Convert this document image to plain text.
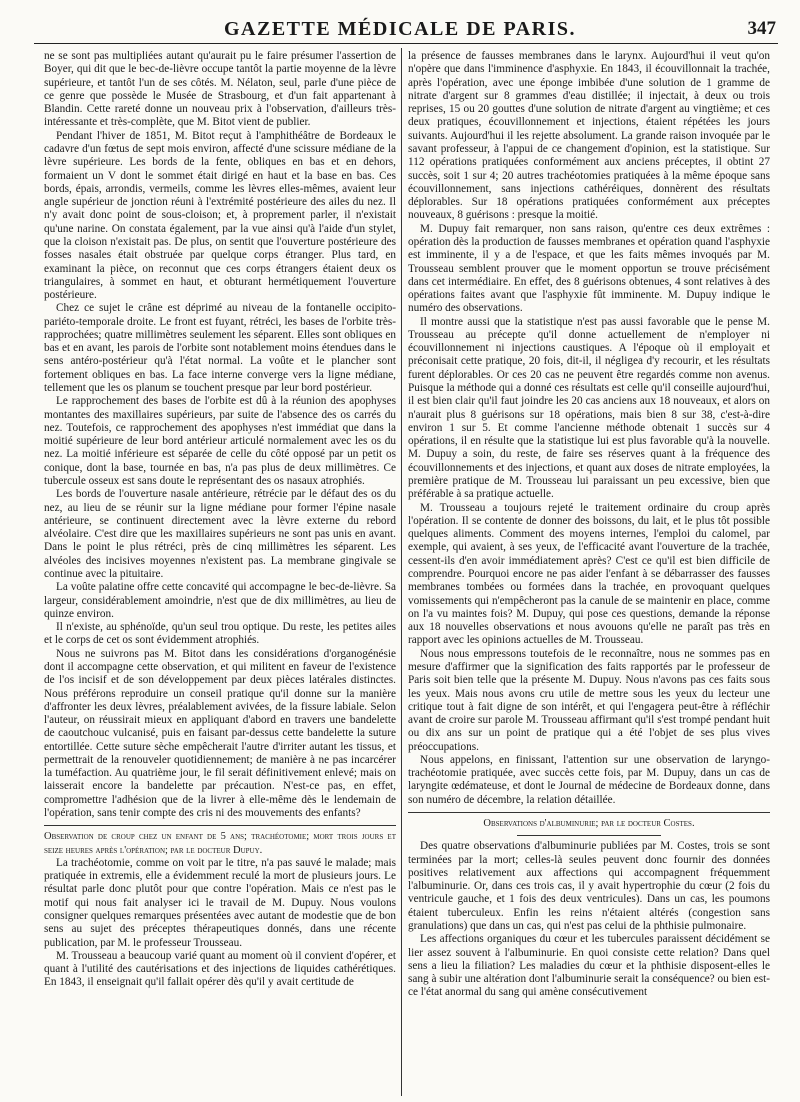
GAZETTE MÉDICALE DE PARIS.	347

ne se sont pas multipliées autant qu'aurait pu le faire présumer l'assertion de Boyer, qui dit que le bec-de-lièvre occupe tantôt la partie moyenne de la lèvre supérieure, et tantôt l'un de ses côtés. M. Nélaton, seul, parle d'une pièce de ce genre que possède le Musée de Strasbourg, et d'un fait appartenant à Blandin. Cette rareté donne un nouveau prix à l'observation, d'ailleurs très-intéressante et très-complète, que M. Bitot vient de publier.

Pendant l'hiver de 1851, M. Bitot reçut à l'amphithéâtre de Bordeaux le cadavre d'un fœtus de sept mois environ, affecté d'une scissure médiane de la lèvre supérieure. Les bords de la fente, obliques en bas et en dehors, formaient un V dont le sommet était dirigé en haut et la base en bas. Ces bords, épais, arrondis, vermeils, comme les lèvres elles-mêmes, avaient leur angle supérieur de jonction réuni à l'extrémité postérieure des ailes du nez. Il n'y avait donc point de sous-cloison; et, à proprement parler, il n'existait qu'une narine. On constata également, par la vue ainsi qu'à l'aide d'un stylet, que la cloison n'existait pas. De plus, on sentit que l'ouverture postérieure des fosses nasales était obstruée par quelque corps étranger. Plus tard, en examinant la pièce, on reconnut que ces corps étrangers étaient deux os triangulaires, à sommet en haut, et obturant hermétiquement l'ouverture postérieure.

Chez ce sujet le crâne est déprimé au niveau de la fontanelle occipito-pariéto-temporale droite. Le front est fuyant, rétréci, les bases de l'orbite très-rapprochées; quatre millimètres seulement les séparent. Elles sont obliques en bas et en avant, les parois de l'orbite sont notablement moins étendues dans le sens antéro-postérieur qu'à l'état normal. La voûte et le plancher sont fortement obliques en bas. La face interne converge vers la ligne médiane, tellement que les os planum se touchent presque par leur bord postérieur.

Le rapprochement des bases de l'orbite est dû à la réunion des apophyses montantes des maxillaires supérieurs, par suite de l'absence des os carrés du nez. Toutefois, ce rapprochement des apophyses n'est immédiat que dans la moitié supérieure de leur bord antérieur articulé normalement avec les os du nez. La moitié inférieure est séparée de celle du côté opposé par un petit os conique, dont la base, tournée en bas, n'a pas plus de deux millimètres. Ce tubercule osseux est sans doute le représentant des os nasaux atrophiés.

Les bords de l'ouverture nasale antérieure, rétrécie par le défaut des os du nez, au lieu de se réunir sur la ligne médiane pour former l'épine nasale antérieure, se continuent directement avec la lèvre externe du rebord alvéolaire. C'est dire que les maxillaires supérieurs ne sont pas unis en avant. Dans le point le plus rétréci, près de cinq millimètres les séparent. Les alvéoles des incisives moyennes n'existent pas. La membrane gingivale se continue avec la pituitaire.

La voûte palatine offre cette concavité qui accompagne le bec-de-lièvre. Sa largeur, considérablement amoindrie, n'est que de dix millimètres, au lieu de quinze environ.

Il n'existe, au sphénoïde, qu'un seul trou optique. Du reste, les petites ailes et le corps de cet os sont évidemment atrophiés.

Nous ne suivrons pas M. Bitot dans les considérations d'organogénésie dont il accompagne cette observation, et qui militent en faveur de l'existence de l'os incisif et de son développement par deux pièces latérales distinctes. Nous préférons reproduire un conseil pratique qu'il donne sur la manière d'affronter les deux lèvres, préalablement avivées, de la fissure labiale. Selon l'auteur, on réussirait mieux en appliquant d'abord en travers une bandelette de caoutchouc vulcanisé, puis en faisant par-dessus cette bandelette la suture entortillée. Cette suture sèche empêcherait l'autre d'irriter autant les tissus, et permettrait de la renouveler quotidiennement; de manière à ne pas incarcérer la tuméfaction. Au quatrième jour, le fil serait définitivement enlevé; mais on laisserait encore la bandelette par précaution. N'est-ce pas, en effet, compromettre l'adhésion que de la livrer à elle-même dès le lendemain de l'opération, sans tenir compte des cris ni des mouvements des enfants?

Observation de croup chez un enfant de 5 ans; trachéotomie; mort trois jours et seize heures après l'opération; par le docteur Dupuy.

La trachéotomie, comme on voit par le titre, n'a pas sauvé le malade; mais pratiquée in extremis, elle a évidemment reculé la mort de plusieurs jours. Le résultat parle donc plutôt pour que contre l'opération. Mais ce n'est pas le motif qui nous fait analyser ici le travail de M. Dupuy. Nous voulons consigner quelques remarques présentées avec autant de modestie que de bon sens au sujet des préceptes thérapeutiques donnés, dans une récente publication, par M. le professeur Trousseau.

M. Trousseau a beaucoup varié quant au moment où il convient d'opérer, et quant à l'utilité des cautérisations et des injections de liquides cathérétiques. En 1843, il enseignait qu'il fallait opérer dès qu'il y avait certitude de

la présence de fausses membranes dans le larynx. Aujourd'hui il veut qu'on n'opère que dans l'imminence d'asphyxie. En 1843, il écouvillonnait la trachée, après l'opération, avec une éponge imbibée d'une solution de 1 gramme de nitrate d'argent sur 8 grammes d'eau distillée; il injectait, à deux ou trois reprises, 15 ou 20 gouttes d'une solution de nitrate d'argent au vingtième; et ces deux pratiques, écouvillonnement et injections, étaient répétées les jours suivants. Aujourd'hui il les rejette absolument. La grande raison invoquée par le savant professeur, à l'appui de ce changement d'opinion, est la statistique. Sur 112 opérations pratiquées conformément aux anciens préceptes, il obtint 27 succès, soit 1 sur 4; 20 autres trachéotomies pratiquées à la même époque sans écouvillonnement, sans injections cathéréiques, donnèrent des résultats déplorables. Sur 18 opérations pratiquées conformément aux préceptes nouveaux, 8 guérisons : presque la moitié.

M. Dupuy fait remarquer, non sans raison, qu'entre ces deux extrêmes : opération dès la production de fausses membranes et opération quand l'asphyxie est imminente, il y a de l'espace, et que les faits mêmes invoqués par M. Trousseau semblent prouver que le moment opportun se trouve précisément dans cet intermédiaire. En effet, des 8 guérisons obtenues, 4 sont relatives à des opérations faites avant que l'asphyxie fût imminente. M. Dupuy indique le numéro des observations.

Il montre aussi que la statistique n'est pas aussi favorable que le pense M. Trousseau au précepte qu'il donne actuellement de n'employer ni écouvillonnement ni injections caustiques. A l'époque où il employait et préconisait cette pratique, 20 fois, dit-il, il négligea d'y recourir, et les résultats furent déplorables. Or ces 20 cas ne peuvent être regardés comme non avenus. Puisque la méthode qui a donné ces résultats est celle qu'il conseille aujourd'hui, il est bien clair qu'il faut joindre les 20 cas anciens aux 18 nouveaux, et alors on n'aurait plus 8 guérisons sur 18 opérations, mais bien 8 sur 38, c'est-à-dire environ 1 sur 5. Et comme l'ancienne méthode obtenait 1 succès sur 4 opérations, il en résulte que la statistique lui est plus favorable qu'à la nouvelle. M. Dupuy a soin, du reste, de faire ses réserves quant à la fréquence des écouvillonnements et des injections, et quant aux doses de nitrate employées, la première pratique de M. Trousseau lui paraissant un peu excessive, bien que préférable à sa pratique actuelle.

M. Trousseau a toujours rejeté le traitement ordinaire du croup après l'opération. Il se contente de donner des boissons, du lait, et le plus tôt possible quelques aliments. Comment des moyens internes, l'emploi du calomel, par exemple, qui avaient, à ses yeux, de l'efficacité avant l'ouverture de la trachée, cessent-ils d'en avoir immédiatement après? C'est ce qu'il est bien difficile de comprendre. Pourquoi encore ne pas aider l'enfant à se débarrasser des fausses membranes tombées ou formées dans la trachée, en provoquant quelques vomissements qui n'empêcheront pas la canule de se maintenir en place, comme on l'a vu maintes fois? M. Dupuy, qui pose ces questions, demande la réponse aux 18 nouvelles observations et nous avouons qu'elle ne paraît pas très en rapport avec les opinions actuelles de M. Trousseau.

Nous nous empressons toutefois de le reconnaître, nous ne sommes pas en mesure d'affirmer que la signification des faits rapportés par le professeur de Paris soit bien telle que la présente M. Dupuy. Nous n'avons pas ces faits sous les yeux. Mais nous avons cru utile de mettre sous les yeux du lecteur une critique tout à fait digne de son intérêt, et qui l'engagera peut-être à réfléchir avant de croire sur parole M. Trousseau affirmant qu'il s'est trompé pendant huit ou dix ans sur un point de pratique qui a été l'objet de ses plus vives préoccupations.

Nous appelons, en finissant, l'attention sur une observation de laryngo-trachéotomie pratiquée, avec succès cette fois, par M. Dupuy, dans un cas de laryngite œdémateuse, et dont le Journal de médecine de Bordeaux donne, dans son numéro de décembre, la relation détaillée.

Observations d'albuminurie; par le docteur Costes.

Des quatre observations d'albuminurie publiées par M. Costes, trois se sont terminées par la mort; celles-là seules peuvent donc fournir des données positives relativement aux affections qui accompagnent fréquemment l'albuminurie. Or, dans ces trois cas, il y avait hypertrophie du cœur (2 fois du ventricule gauche, et 1 fois des deux ventricules). Dans un cas, les poumons étaient tuberculeux. Enfin les reins n'étaient altérés (congestion sans granulations) que dans un cas, qui n'est pas celui de la phthisie pulmonaire.

Les affections organiques du cœur et les tubercules paraissent décidément se lier assez souvent à l'albuminurie. En quoi consiste cette relation? Dans quel sens a lieu la filiation? Les maladies du cœur et la phthisie disposent-elles le sang à subir une altération dont l'albuminurie serait la conséquence? ou bien est-ce l'état anormal du sang qui amène consécutivement
